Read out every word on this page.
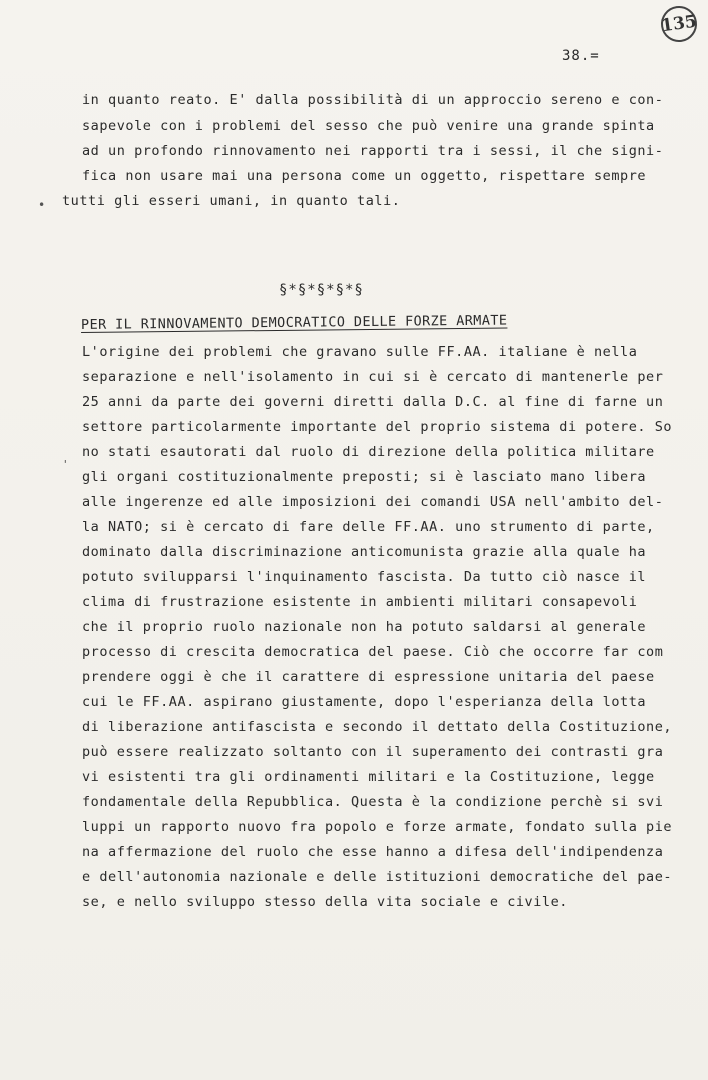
135
38.=
in quanto reato. E' dalla possibilità di un approccio sereno e con-
sapevole con i problemi del sesso che può venire una grande spinta
ad un profondo rinnovamento nei rapporti tra i sessi, il che signi-
fica non usare mai una persona come un oggetto, rispettare sempre
tutti gli esseri umani, in quanto tali.
•
§*§*§*§*§
PER IL RINNOVAMENTO DEMOCRATICO DELLE FORZE ARMATE
L'origine dei problemi che gravano sulle FF.AA. italiane è nella
separazione e nell'isolamento in cui si è cercato di mantenerle per
25 anni da parte dei governi diretti dalla D.C. al fine di farne un
settore particolarmente importante del proprio sistema di potere. So
no stati esautorati dal ruolo di direzione della politica militare
gli organi costituzionalmente preposti; si è lasciato mano libera
alle ingerenze ed alle imposizioni dei comandi USA nell'ambito del-
la NATO; si è cercato di fare delle FF.AA. uno strumento di parte,
dominato dalla discriminazione anticomunista grazie alla quale ha
potuto svilupparsi l'inquinamento fascista. Da tutto ciò nasce il
clima di frustrazione esistente in ambienti militari consapevoli
che il proprio ruolo nazionale non ha potuto saldarsi al generale
processo di crescita democratica del paese. Ciò che occorre far com
prendere oggi è che il carattere di espressione unitaria del paese
cui le FF.AA. aspirano giustamente, dopo l'esperianza della lotta
di liberazione antifascista e secondo il dettato della Costituzione,
può essere realizzato soltanto con il superamento dei contrasti gra
vi esistenti tra gli ordinamenti militari e la Costituzione, legge
fondamentale della Repubblica. Questa è la condizione perchè si svi
luppi un rapporto nuovo fra popolo e forze armate, fondato sulla pie
na affermazione del ruolo che esse hanno a difesa dell'indipendenza
e dell'autonomia nazionale e delle istituzioni democratiche del pae-
se, e nello sviluppo stesso della vita sociale e civile.
'
